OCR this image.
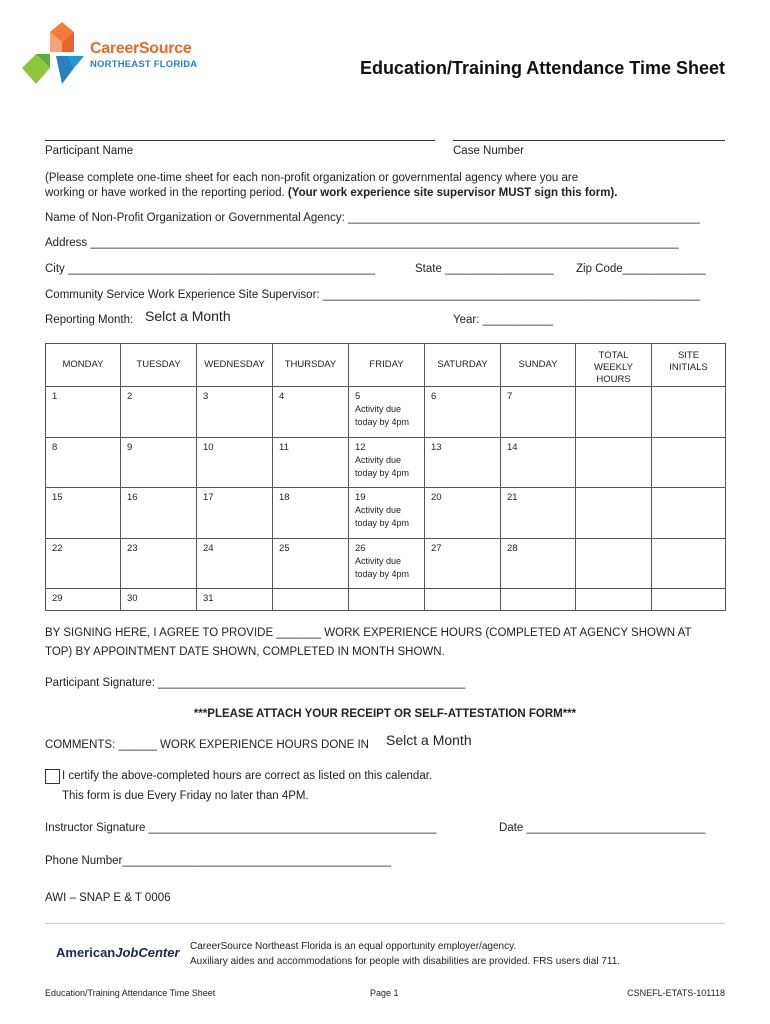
CareerSource
NORTHEAST FLORIDA	Education/Training Attendance Time Sheet
Participant Name	Case Number
(Please complete one-time sheet for each non-profit organization or governmental agency where you are
working or have worked in the reporting period. (Your work experience site supervisor MUST sign this form).
Name of Non-Profit Organization or Governmental Agency: _______________________________________________________
Address ____________________________________________________________________________________________
City ________________________________________________	State _________________ Zip Code_____________
Community Service Work Experience Site Supervisor: ___________________________________________________________
Reporting Month: Selct a Month	Year: ___________
MONDAY	TUESDAY	WEDNESDAY	THURSDAY	FRIDAY	SATURDAY	SUNDAY	TOTAL WEEKLY HOURS	SITE INITIALS

1	2	3	4	5
Activity due
today by 4pm	6	7		

8	9	10	11	12
Activity due
today by 4pm	13	14		

15	16	17	18	19
Activity due
today by 4pm	20	21		

22	23	24	25	26
Activity due
today by 4pm	27	28		

29	30	31						

BY SIGNING HERE, I AGREE TO PROVIDE _______ WORK EXPERIENCE HOURS (COMPLETED AT AGENCY SHOWN AT
TOP) BY APPOINTMENT DATE SHOWN, COMPLETED IN MONTH SHOWN.
Participant Signature: ________________________________________________
***PLEASE ATTACH YOUR RECEIPT OR SELF-ATTESTATION FORM***
COMMENTS: ______ WORK EXPERIENCE HOURS DONE IN Selct a Month
I certify the above-completed hours are correct as listed on this calendar.
This form is due Every Friday no later than 4PM.
Instructor Signature _____________________________________________	Date ____________________________
Phone Number__________________________________________
AWI – SNAP E & T 0006
AmericanJobCenter CareerSource Northeast Florida is an equal opportunity employer/agency.
Auxiliary aides and accommodations for people with disabilities are provided. FRS users dial 711.
Education/Training Attendance Time Sheet	Page 1	CSNEFL-ETATS-101118
